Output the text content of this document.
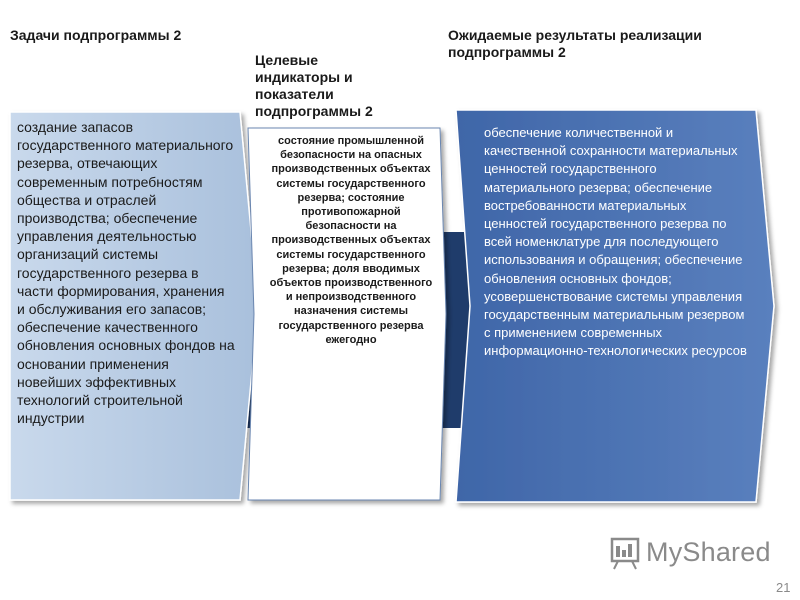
Задачи подпрограммы 2
Целевые индикаторы и показатели подпрограммы 2
Ожидаемые результаты реализации подпрограммы 2
создание запасов государственного материального резерва, отвечающих современным потребностям общества и отраслей производства; обеспечение управления деятельностью организаций системы государственного резерва в части формирования, хранения и обслуживания его запасов; обеспечение качественного обновления основных фондов на основании применения новейших эффективных технологий строительной индустрии
состояние промышленной безопасности на опасных производственных объектах системы государственного резерва; состояние противопожарной безопасности на производственных объектах системы государственного резерва; доля вводимых объектов производственного и непроизводственного назначения системы государственного резерва ежегодно
обеспечение количественной и качественной сохранности материальных ценностей государственного материального резерва; обеспечение востребованности материальных ценностей государственного резерва по всей номенклатуре для последующего использования и обращения; обеспечение обновления основных фондов; усовершенствование системы управления государственным материальным резервом с применением современных информационно-технологических ресурсов
MyShared
21
